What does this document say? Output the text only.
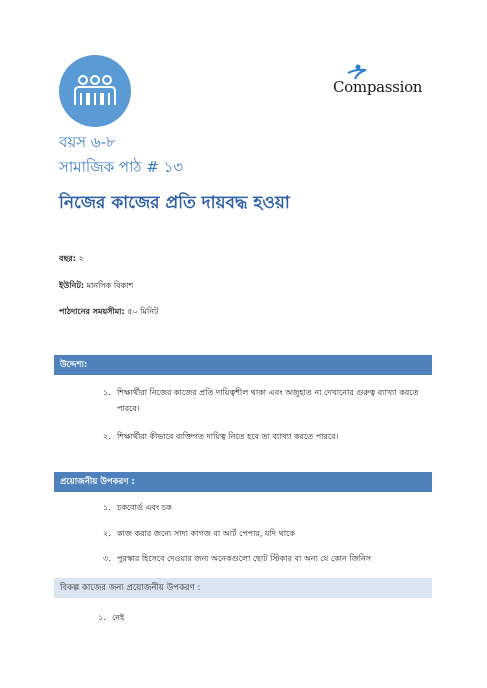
Compassion
বয়স ৬-৮
সামাজিক পাঠ # ১৩
নিজের কাজের প্রতি দায়বদ্ধ হওয়া
বছর: ২
ইউনিট: মানসিক বিকাশ
পাঠদানের সময়সীমা: ৫০ মিনিট
উদ্দেশ্য:
১. শিক্ষার্থীরা নিজের কাজের প্রতি দায়িত্বশীল থাকা এবং অজুহাত না দেখানোর গুরুত্ব ব্যাখ্যা করতে
পারবে।
২. শিক্ষার্থীরা কীভাবে ব্যক্তিগত দায়িত্ব নিতে হবে তা ব্যাখ্যা করতে পারবে।
প্রয়োজনীয় উপকরণ :
১. চকবোর্ড এবং চক
২. কাজ করার জন্যে সাদা কাগজ বা আর্ট পেপার, যদি থাকে
৩. পুরস্কার হিসেবে দেওয়ার জন্য অনেকগুলো ছোট স্টিকার বা অন্য যে কোন জিনিস
বিকল্প কাজের জন্য প্রয়োজনীয় উপকরণ :
১. নেই
